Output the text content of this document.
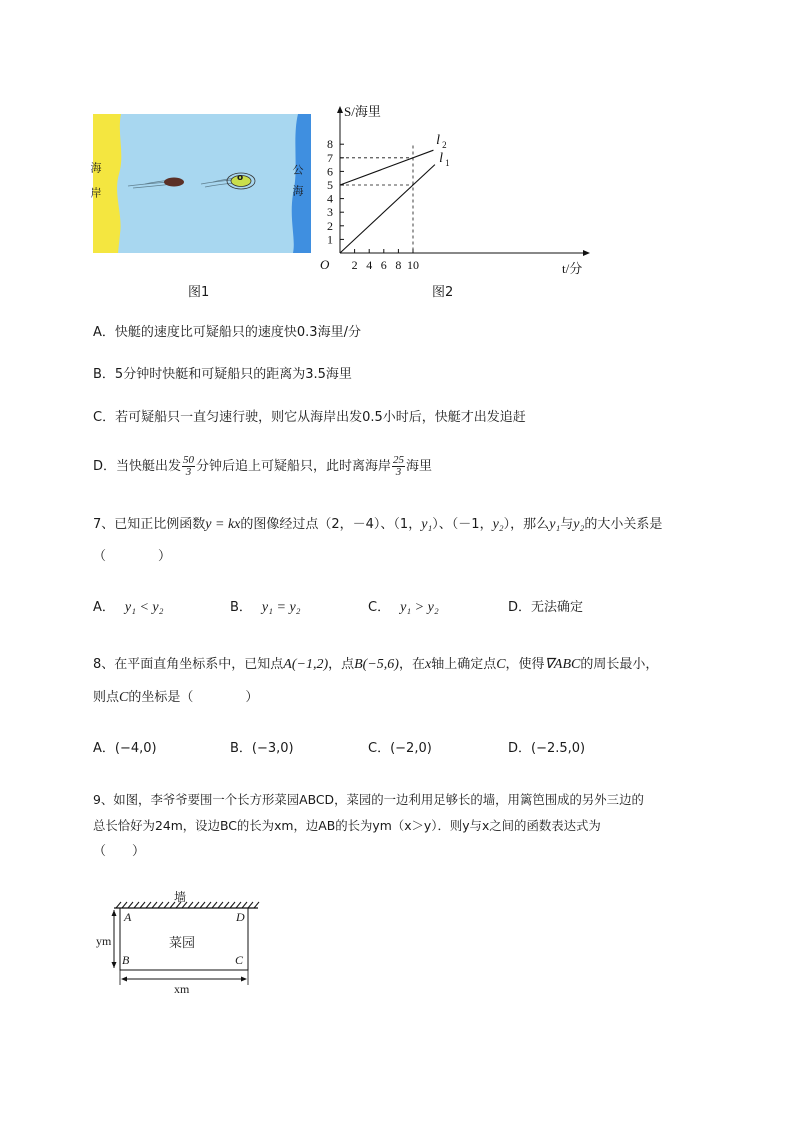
海岸	公海
o
图1
1
2
3
4
5
6
7
8
2 4 6 8 10
O
S/海里
t/分
l 2
l 1
图2
A．快艇的速度比可疑船只的速度快0.3海里/分
B．5分钟时快艇和可疑船只的距离为3.5海里
C．若可疑船只一直匀速行驶，则它从海岸出发0.5小时后，快艇才出发追赶
D．当快艇出发 $\frac{50}{3}$ 分钟后追上可疑船只，此时离海岸 $\frac{25}{3}$ 海里
7、已知正比例函数y = kx的图像经过点（2，－4）、（1，y₁）、（－1，y₂），那么y₁与y₂的大小关系是
（　　　　）
A． y₁ < y₂	B． y₁ = y₂	C． y₁ > y₂	D．无法确定
8、在平面直角坐标系中，已知点A(−1,2)，点B(−5,6)，在x轴上确定点C，使得∇ABC的周长最小，
则点C的坐标是（　　　　）
A．(−4,0)	B．(−3,0)	C．(−2,0)	D．(−2.5,0)
9、如图，李爷爷要围一个长方形菜园ABCD，菜园的一边利用足够长的墙，用篱笆围成的另外三边的
总长恰好为24m，设边BC的长为xm，边AB的长为ym（x＞y）．则y与x之间的函数表达式为
（　　）
墙
菜园
A	D
B	C
ym
xm
